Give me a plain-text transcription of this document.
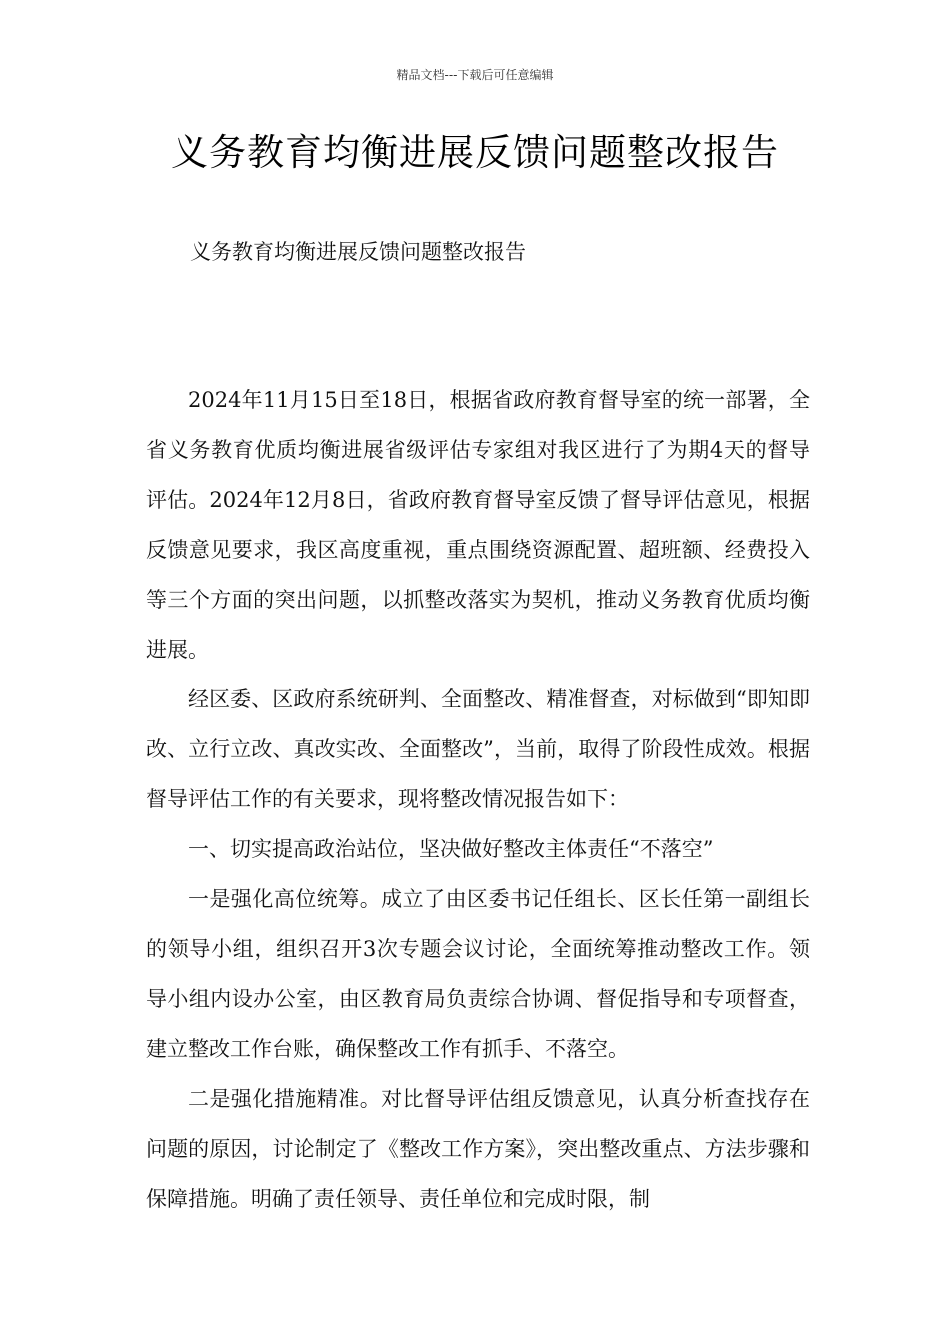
精品文档---下载后可任意编辑
义务教育均衡进展反馈问题整改报告
义务教育均衡进展反馈问题整改报告

2024年11月15日至18日，根据省政府教育督导室的统一部署，全省义务教育优质均衡进展省级评估专家组对我区进行了为期4天的督导评估。2024年12月8日，省政府教育督导室反馈了督导评估意见，根据反馈意见要求，我区高度重视，重点围绕资源配置、超班额、经费投入等三个方面的突出问题，以抓整改落实为契机，推动义务教育优质均衡进展。

经区委、区政府系统研判、全面整改、精准督查，对标做到“即知即改、立行立改、真改实改、全面整改”，当前，取得了阶段性成效。根据督导评估工作的有关要求，现将整改情况报告如下：

一、切实提高政治站位，坚决做好整改主体责任“不落空”

一是强化高位统筹。成立了由区委书记任组长、区长任第一副组长的领导小组，组织召开3次专题会议讨论，全面统筹推动整改工作。领导小组内设办公室，由区教育局负责综合协调、督促指导和专项督查，建立整改工作台账，确保整改工作有抓手、不落空。

二是强化措施精准。对比督导评估组反馈意见，认真分析查找存在问题的原因，讨论制定了《整改工作方案》，突出整改重点、方法步骤和保障措施。明确了责任领导、责任单位和完成时限，制
